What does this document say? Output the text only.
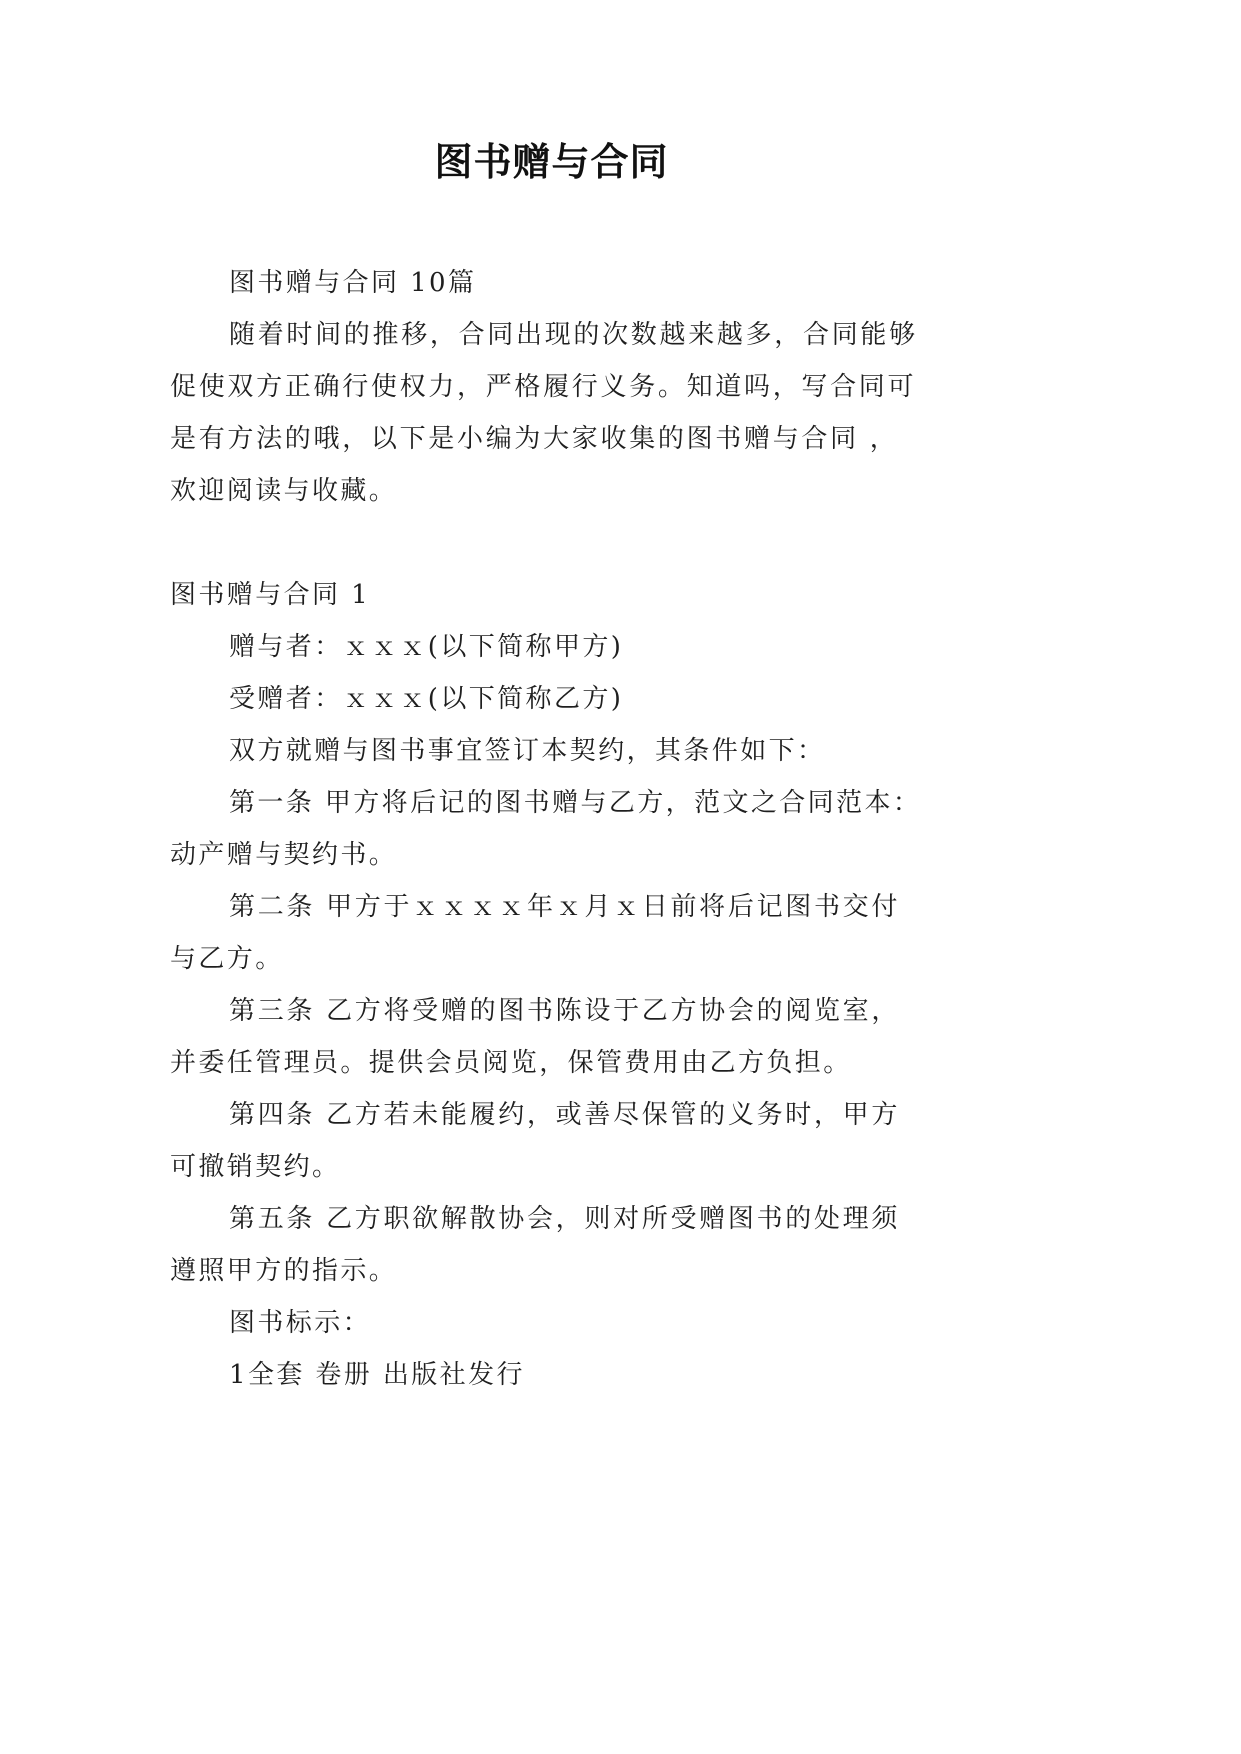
图书赠与合同
图书赠与合同 10篇
随着时间的推移，合同出现的次数越来越多，合同能够
促使双方正确行使权力，严格履行义务。知道吗，写合同可
是有方法的哦，以下是小编为大家收集的图书赠与合同 ，
欢迎阅读与收藏。
图书赠与合同 1
赠与者：ｘｘｘ(以下简称甲方)
受赠者：ｘｘｘ(以下简称乙方)
双方就赠与图书事宜签订本契约，其条件如下：
第一条 甲方将后记的图书赠与乙方，范文之合同范本：
动产赠与契约书。
第二条 甲方于ｘｘｘｘ年ｘ月ｘ日前将后记图书交付
与乙方。
第三条 乙方将受赠的图书陈设于乙方协会的阅览室，
并委任管理员。提供会员阅览，保管费用由乙方负担。
第四条 乙方若未能履约，或善尽保管的义务时，甲方
可撤销契约。
第五条 乙方职欲解散协会，则对所受赠图书的处理须
遵照甲方的指示。
图书标示：
1全套 卷册 出版社发行
